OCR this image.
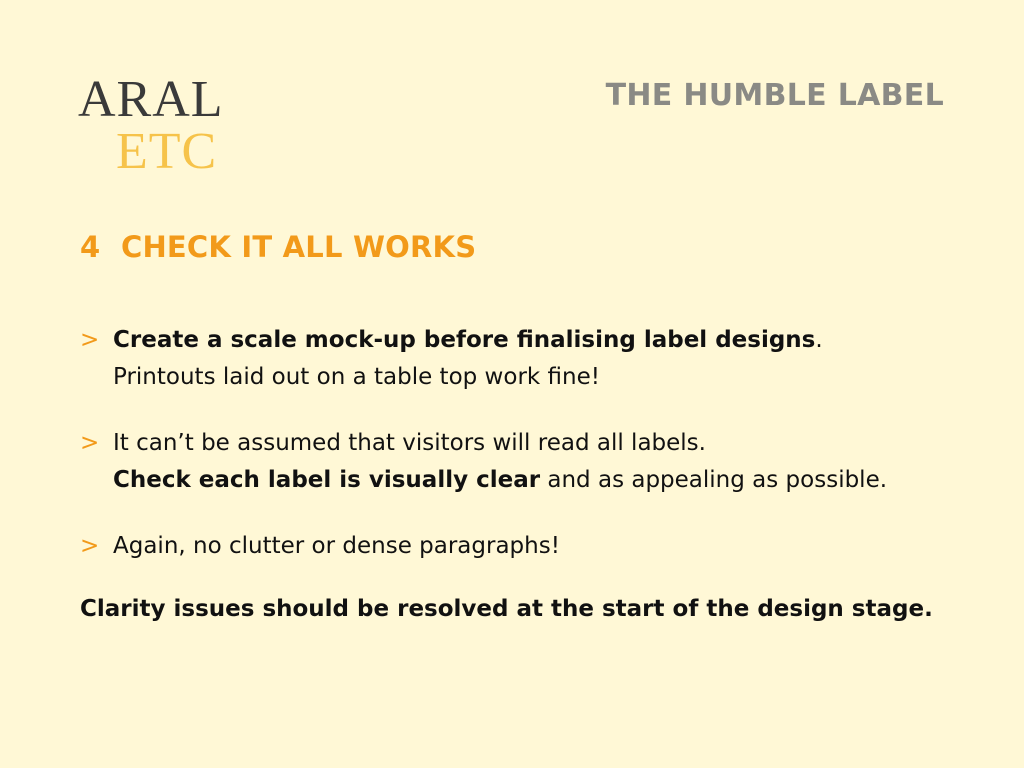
ARAL
ETC
THE HUMBLE LABEL
4  CHECK IT ALL WORKS
> Create a scale mock-up before finalising label designs.
Printouts laid out on a table top work fine!
> It can’t be assumed that visitors will read all labels.
Check each label is visually clear and as appealing as possible.
> Again, no clutter or dense paragraphs!
Clarity issues should be resolved at the start of the design stage.
